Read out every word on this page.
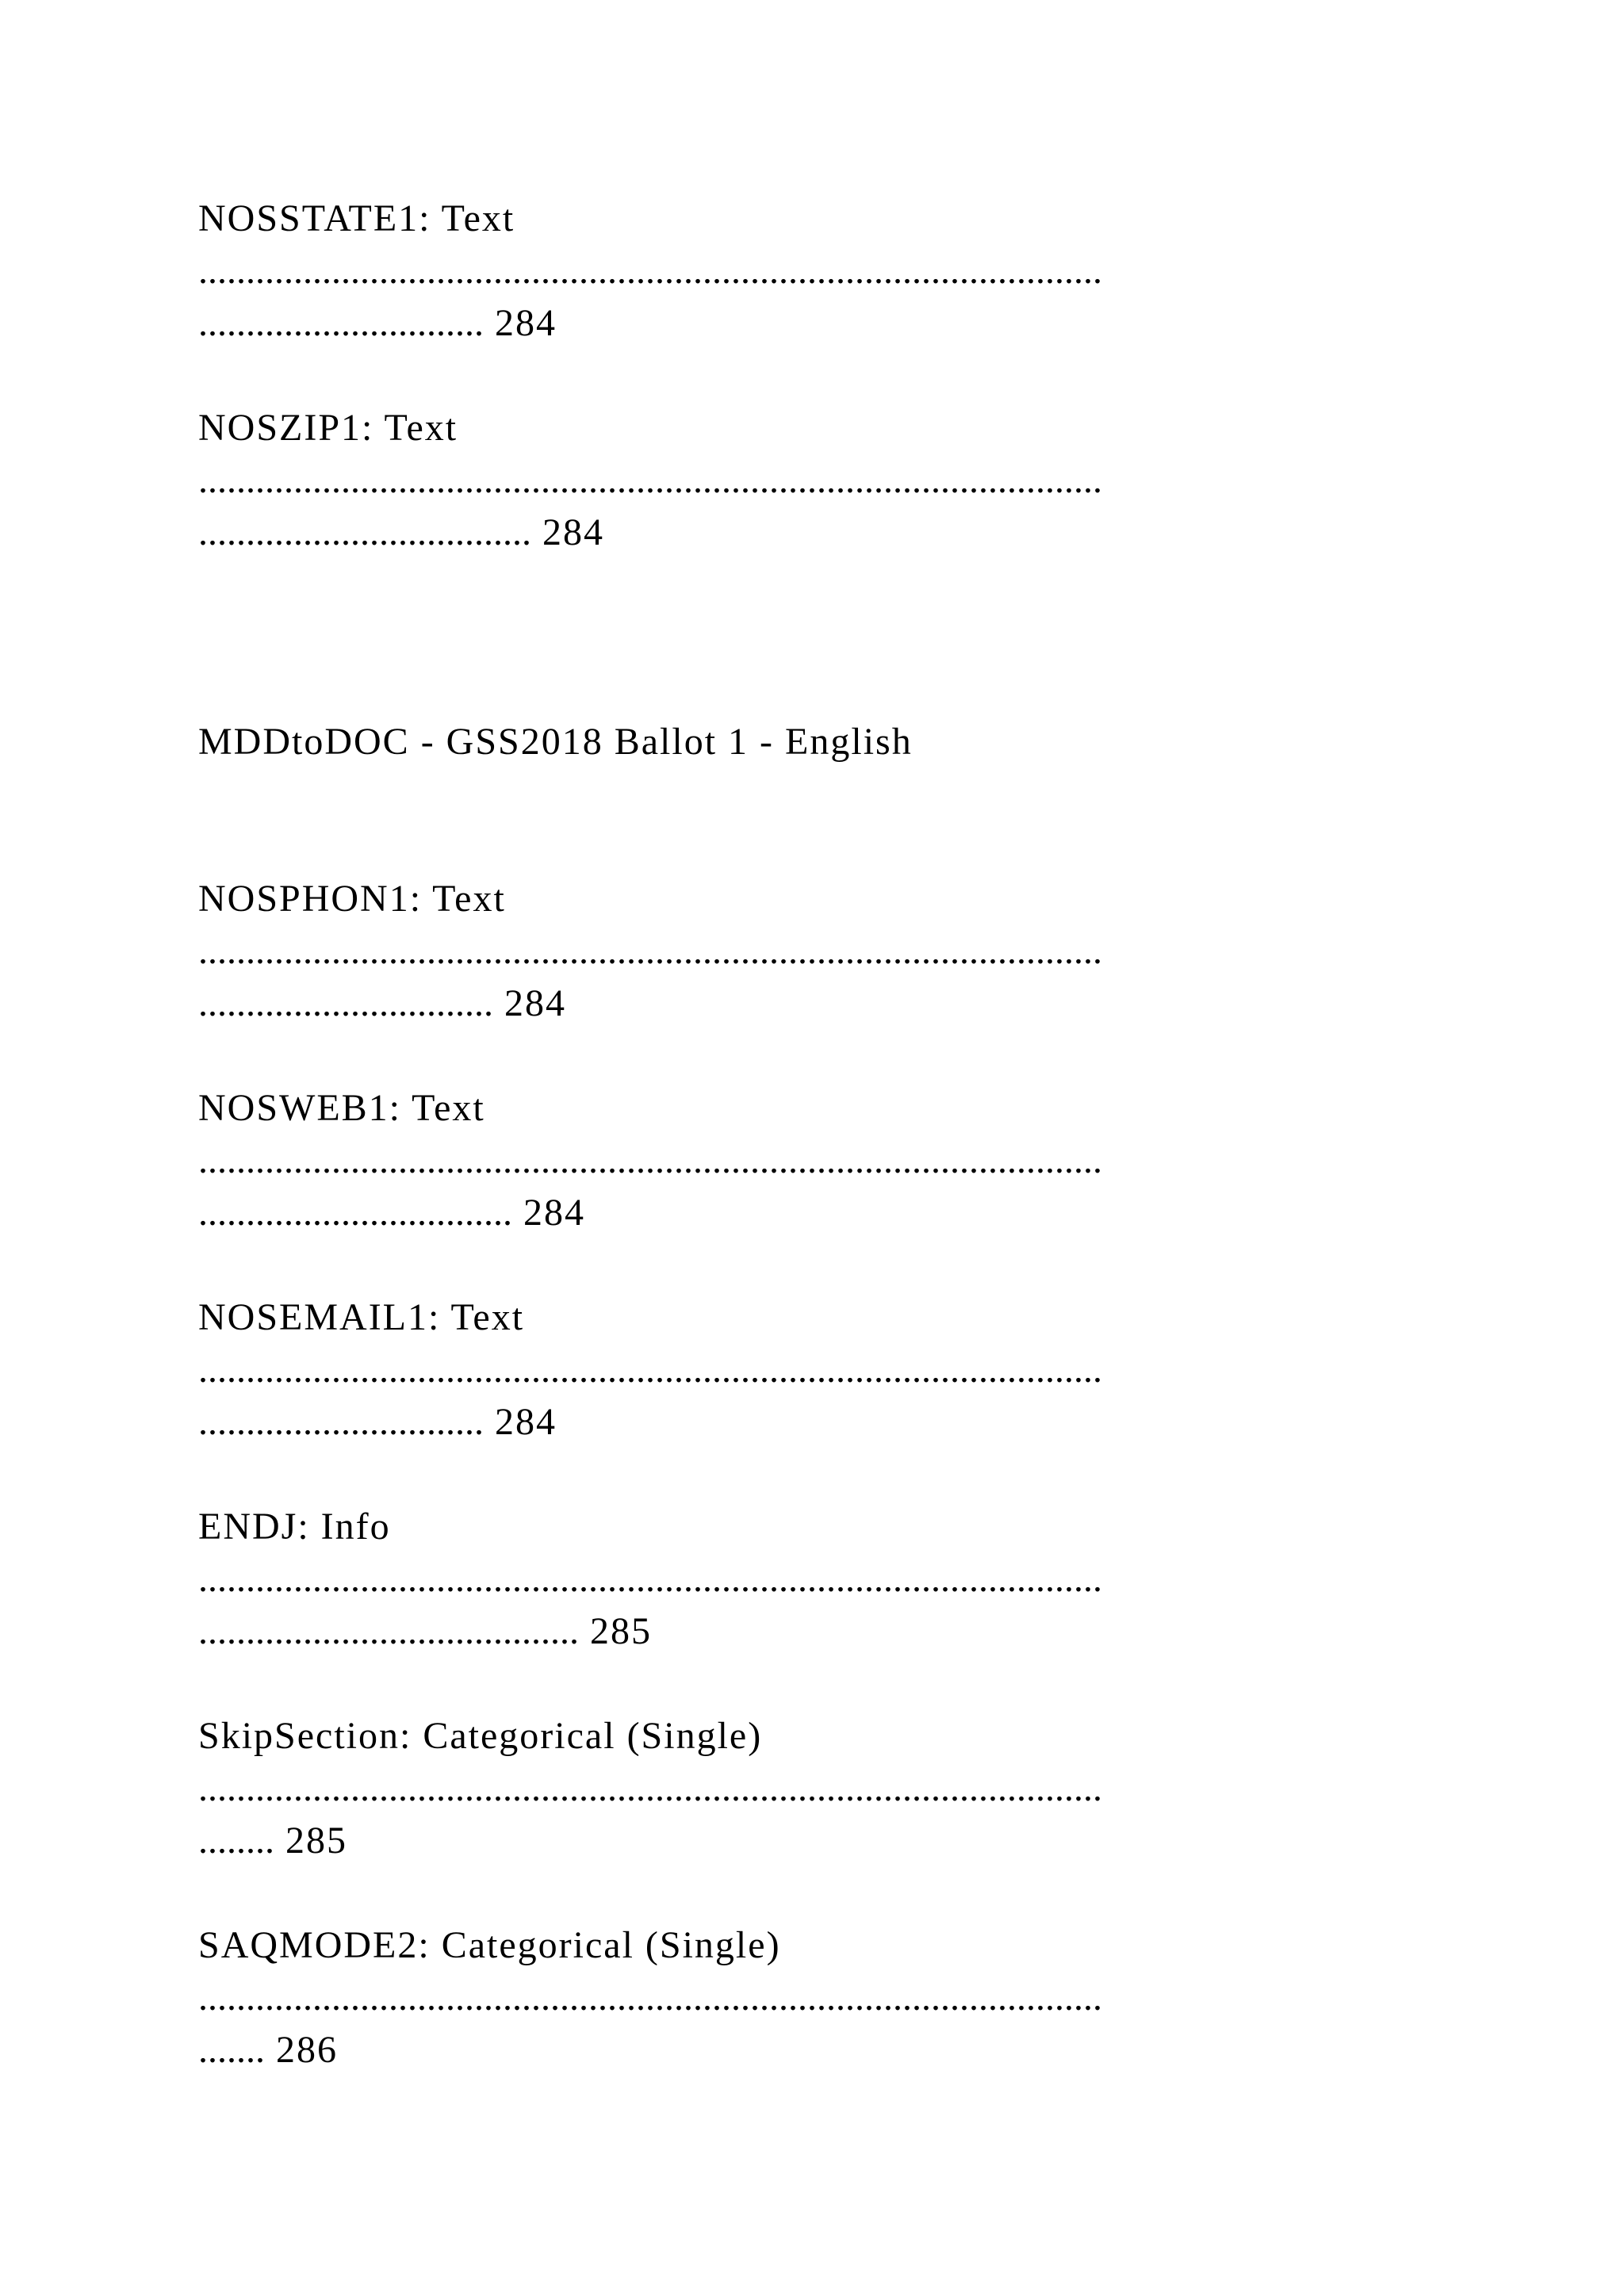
NOSSTATE1: Text
...............................................................................................
.............................. 284
NOSZIP1: Text
...............................................................................................
................................... 284
MDDtoDOC - GSS2018 Ballot 1 - English
NOSPHON1: Text
...............................................................................................
............................... 284
NOSWEB1: Text
...............................................................................................
................................. 284
NOSEMAIL1: Text
...............................................................................................
.............................. 284
ENDJ: Info
...............................................................................................
........................................ 285
SkipSection: Categorical (Single)
...............................................................................................
........ 285
SAQMODE2: Categorical (Single)
...............................................................................................
....... 286
